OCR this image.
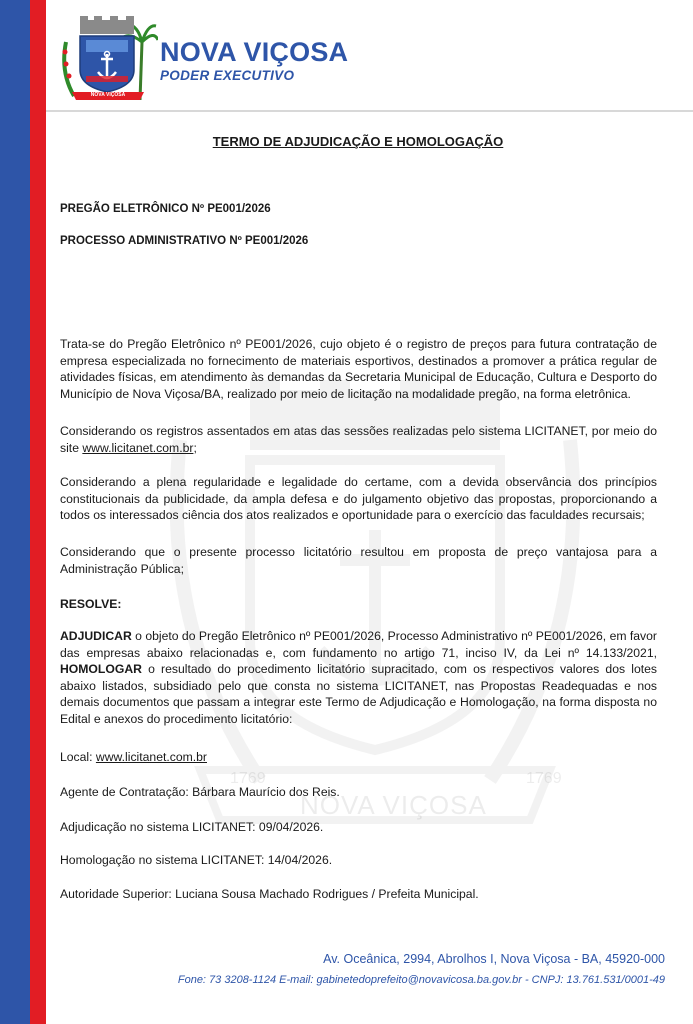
NOVA VIÇOSA
NOVA VIÇOSA
PODER EXECUTIVO
NOVA VIÇOSA
1769	1769
TERMO DE ADJUDICAÇÃO E HOMOLOGAÇÃO
PREGÃO ELETRÔNICO Nº PE001/2026
PROCESSO ADMINISTRATIVO Nº PE001/2026

Trata-se do Pregão Eletrônico nº PE001/2026, cujo objeto é o registro de preços para futura contratação de empresa especializada no fornecimento de materiais esportivos, destinados a promover a prática regular de atividades físicas, em atendimento às demandas da Secretaria Municipal de Educação, Cultura e Desporto do Município de Nova Viçosa/BA, realizado por meio de licitação na modalidade pregão, na forma eletrônica.

Considerando os registros assentados em atas das sessões realizadas pelo sistema LICITANET, por meio do site www.licitanet.com.br;

Considerando a plena regularidade e legalidade do certame, com a devida observância dos princípios constitucionais da publicidade, da ampla defesa e do julgamento objetivo das propostas, proporcionando a todos os interessados ciência dos atos realizados e oportunidade para o exercício das faculdades recursais;

Considerando que o presente processo licitatório resultou em proposta de preço vantajosa para a Administração Pública;

RESOLVE:

ADJUDICAR o objeto do Pregão Eletrônico nº PE001/2026, Processo Administrativo nº PE001/2026, em favor das empresas abaixo relacionadas e, com fundamento no artigo 71, inciso IV, da Lei nº 14.133/2021, HOMOLOGAR o resultado do procedimento licitatório supracitado, com os respectivos valores dos lotes abaixo listados, subsidiado pelo que consta no sistema LICITANET, nas Propostas Readequadas e nos demais documentos que passam a integrar este Termo de Adjudicação e Homologação, na forma disposta no Edital e anexos do procedimento licitatório:

Local: www.licitanet.com.br

Agente de Contratação: Bárbara Maurício dos Reis.

Adjudicação no sistema LICITANET: 09/04/2026.

Homologação no sistema LICITANET: 14/04/2026.

Autoridade Superior: Luciana Sousa Machado Rodrigues / Prefeita Municipal.

Av. Oceânica, 2994, Abrolhos I, Nova Viçosa - BA, 45920-000
Fone: 73 3208-1124 E-mail: gabinetedoprefeito@novavicosa.ba.gov.br - CNPJ: 13.761.531/0001-49
